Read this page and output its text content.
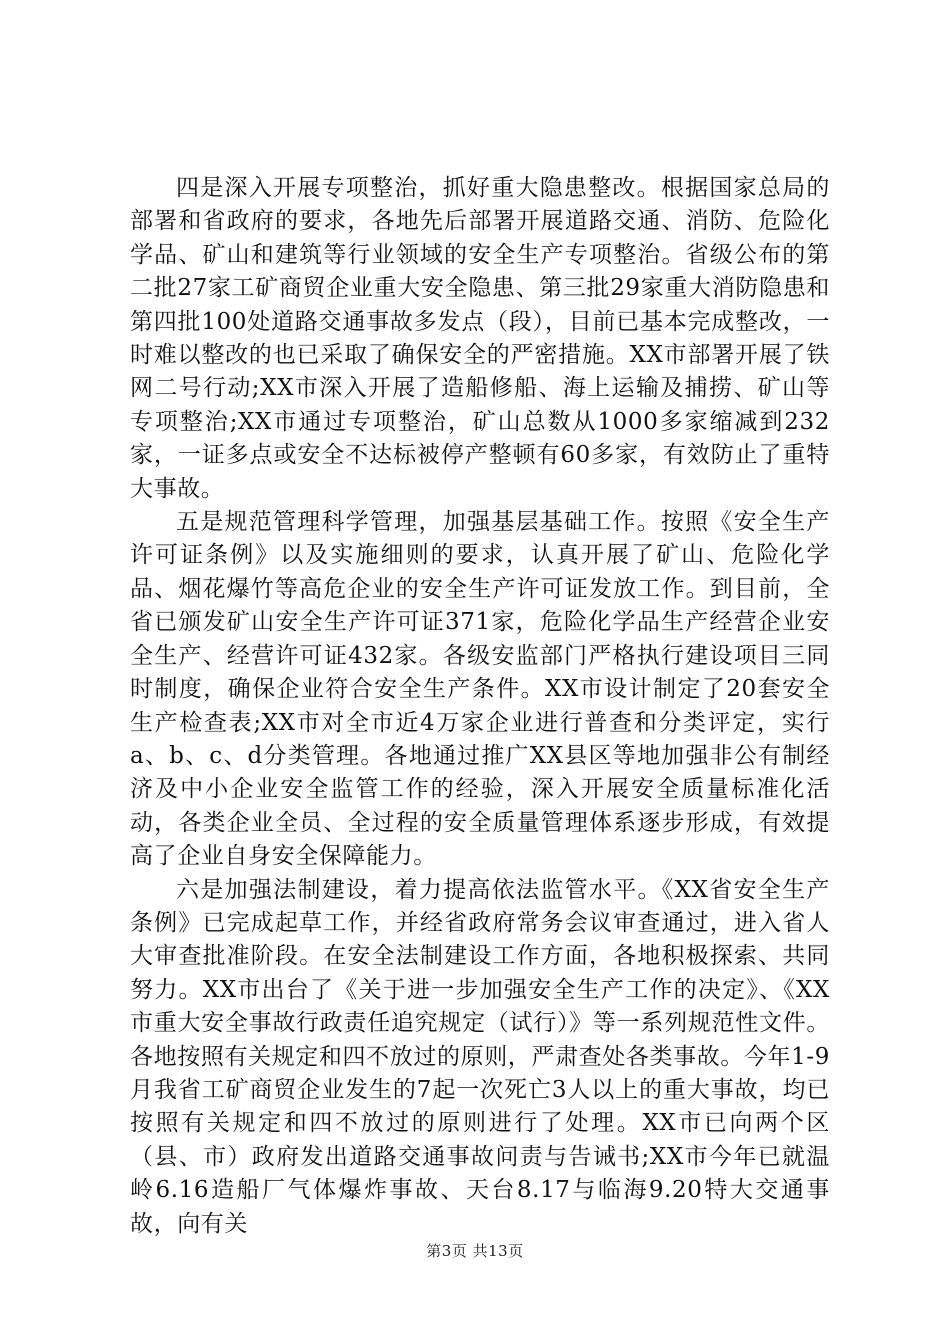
四是深入开展专项整治，抓好重大隐患整改。根据国家总局的部署和省政府的要求，各地先后部署开展道路交通、消防、危险化学品、矿山和建筑等行业领域的安全生产专项整治。省级公布的第二批27家工矿商贸企业重大安全隐患、第三批29家重大消防隐患和第四批100处道路交通事故多发点（段），目前已基本完成整改，一时难以整改的也已采取了确保安全的严密措施。XX市部署开展了铁网二号行动;XX市深入开展了造船修船、海上运输及捕捞、矿山等专项整治;XX市通过专项整治，矿山总数从1000多家缩减到232家，一证多点或安全不达标被停产整顿有60多家，有效防止了重特大事故。

五是规范管理科学管理，加强基层基础工作。按照《安全生产许可证条例》以及实施细则的要求，认真开展了矿山、危险化学品、烟花爆竹等高危企业的安全生产许可证发放工作。到目前，全省已颁发矿山安全生产许可证371家，危险化学品生产经营企业安全生产、经营许可证432家。各级安监部门严格执行建设项目三同时制度，确保企业符合安全生产条件。XX市设计制定了20套安全生产检查表;XX市对全市近4万家企业进行普查和分类评定，实行a、b、c、d分类管理。各地通过推广XX县区等地加强非公有制经济及中小企业安全监管工作的经验，深入开展安全质量标准化活动，各类企业全员、全过程的安全质量管理体系逐步形成，有效提高了企业自身安全保障能力。

六是加强法制建设，着力提高依法监管水平。《XX省安全生产条例》已完成起草工作，并经省政府常务会议审查通过，进入省人大审查批准阶段。在安全法制建设工作方面，各地积极探索、共同努力。XX市出台了《关于进一步加强安全生产工作的决定》、《XX市重大安全事故行政责任追究规定（试行）》等一系列规范性文件。各地按照有关规定和四不放过的原则，严肃查处各类事故。今年1-9月我省工矿商贸企业发生的7起一次死亡3人以上的重大事故，均已按照有关规定和四不放过的原则进行了处理。XX市已向两个区（县、市）政府发出道路交通事故问责与告诫书;XX市今年已就温岭6.16造船厂气体爆炸事故、天台8.17与临海9.20特大交通事故，向有关

第3页 共13页
